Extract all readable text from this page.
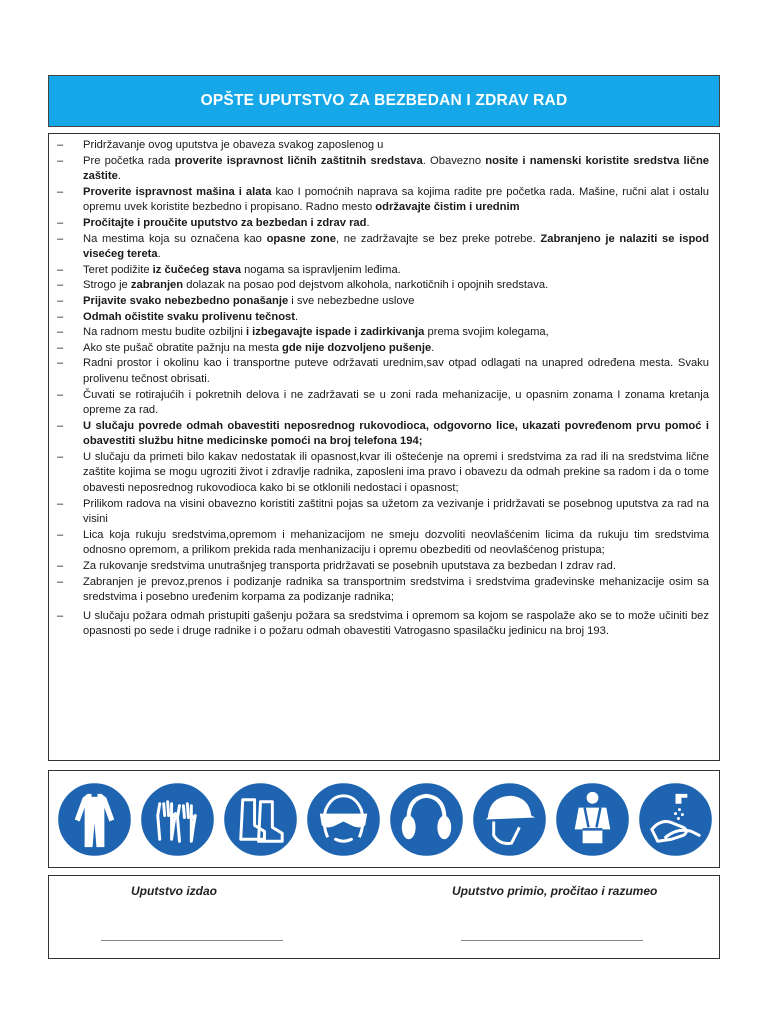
OPŠTE UPUTSTVO ZA BEZBEDAN I ZDRAV RAD
–	Pridržavanje ovog uputstva je obaveza svakog zaposlenog u
–	Pre početka rada proverite ispravnost ličnih zaštitnih sredstava. Obavezno nosite i namenski koristite sredstva lične zaštite.
–	Proverite ispravnost mašina i alata kao I pomoćnih naprava sa kojima radite pre početka rada. Mašine, ručni alat i ostalu opremu uvek koristite bezbedno i propisano. Radno mesto održavajte čistim i urednim
–	Pročitajte i proučite uputstvo za bezbedan i zdrav rad.
–	Na mestima koja su označena kao opasne zone, ne zadržavajte se bez preke potrebe. Zabranjeno je nalaziti se ispod visećeg tereta.
–	Teret podižite iz čučećeg stava nogama sa ispravljenim leđima.
–	Strogo je zabranjen dolazak na posao pod dejstvom alkohola, narkotičnih i opojnih sredstava.
–	Prijavite svako nebezbedno ponašanje i sve nebezbedne uslove
–	Odmah očistite svaku prolivenu tečnost.
–	Na radnom mestu budite ozbiljni i izbegavajte ispade i zadirkivanja prema svojim kolegama,
–	Ako ste pušač obratite pažnju na mesta gde nije dozvoljeno pušenje.
–	Radni prostor i okolinu kao i transportne puteve održavati urednim,sav otpad odlagati na unapred određena mesta. Svaku prolivenu tečnost obrisati.
–	Čuvati se rotirajućih i pokretnih delova i ne zadržavati se u zoni rada mehanizacije, u opasnim zonama I zonama kretanja opreme za rad.
–	U slučaju povrede odmah obavestiti neposrednog rukovodioca, odgovorno lice, ukazati povređenom prvu pomoć i obavestiti službu hitne medicinske pomoći na broj telefona 194;
–	U slučaju da primeti bilo kakav nedostatak ili opasnost,kvar ili oštećenje na opremi i sredstvima za rad ili na sredstvima lične zaštite kojima se mogu ugroziti život i zdravlje radnika, zaposleni ima pravo i obavezu da odmah prekine sa radom i da o tome obavesti neposrednog rukovodioca kako bi se otklonili nedostaci i opasnost;
–	Prilikom radova na visini obavezno koristiti zaštitni pojas sa užetom za vezivanje i pridržavati se posebnog uputstva za rad na visini
–	Lica koja rukuju sredstvima,opremom i mehanizacijom ne smeju dozvoliti neovlašćenim licima da rukuju tim sredstvima odnosno opremom, a prilikom prekida rada menhanizaciju i opremu obezbediti od neovlašćenog pristupa;
–	Za rukovanje sredstvima unutrašnjeg transporta pridržavati se posebnih uputstava za bezbedan I zdrav rad.
–	Zabranjen je prevoz,prenos i podizanje radnika sa transportnim sredstvima i sredstvima građevinske mehanizacije osim sa sredstvima i posebno uređenim korpama za podizanje radnika;
–	U slučaju požara odmah pristupiti gašenju požara sa sredstvima i opremom sa kojom se raspolaže ako se to može učiniti bez opasnosti po sede i druge radnike i o požaru odmah obavestiti Vatrogasno spasilačku jedinicu na broj 193.
Uputstvo izdao	Uputstvo primio, pročitao i razumeo
